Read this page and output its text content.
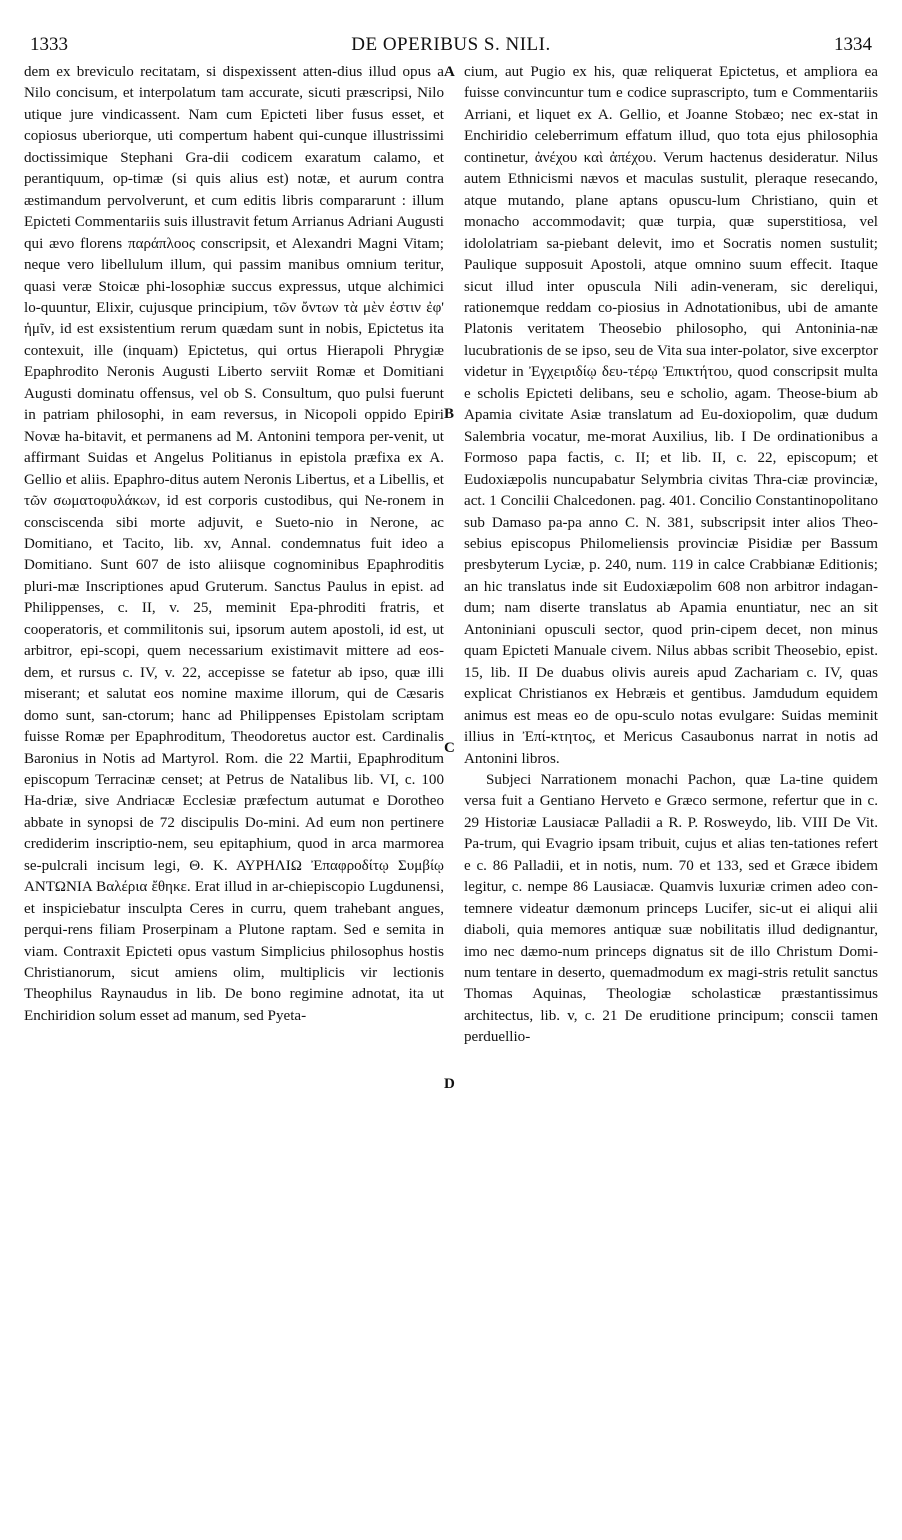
1333	DE OPERIBUS S. NILI.	1334
A
B
C
D

dem ex breviculo recitatam, si dispexissent atten-dius illud opus a Nilo concisum, et interpolatum tam accurate, sicuti præscripsi, Nilo utique jure vindicassent. Nam cum Epicteti liber fusus esset, et copiosus uberiorque, uti compertum habent qui-cunque illustrissimi doctissimique Stephani Gra-dii codicem exaratum calamo, et perantiquum, op-timæ (si quis alius est) notæ, et aurum contra æstimandum pervolverunt, et cum editis libris compararunt : illum Epicteti Commentariis suis illustravit fetum Arrianus Adriani Augusti qui ævo florens παράπλοος conscripsit, et Alexandri Magni Vitam; neque vero libellulum illum, qui passim manibus omnium teritur, quasi veræ Stoicæ phi-losophiæ succus expressus, utque alchimici lo-quuntur, Elixir, cujusque principium, τῶν ὄντων τὰ μὲν ἐστιν ἐφ' ἡμῖν, id est exsistentium rerum quædam sunt in nobis, Epictetus ita contexuit, ille (inquam) Epictetus, qui ortus Hierapoli Phrygiæ Epaphrodito Neronis Augusti Liberto serviit Romæ et Domitiani Augusti dominatu offensus, vel ob S. Consultum, quo pulsi fuerunt in patriam philosophi, in eam reversus, in Nicopoli oppido Epiri Novæ ha-bitavit, et permanens ad M. Antonini tempora per-venit, ut affirmant Suidas et Angelus Politianus in epistola præfixa ex A. Gellio et aliis. Epaphro-ditus autem Neronis Libertus, et a Libellis, et τῶν σωματοφυλάκων, id est corporis custodibus, qui Ne-ronem in consciscenda sibi morte adjuvit, e Sueto-nio in Nerone, ac Domitiano, et Tacito, lib. xv, Annal. condemnatus fuit ideo a Domitiano. Sunt 607 de isto aliisque cognominibus Epaphroditis pluri-mæ Inscriptiones apud Gruterum. Sanctus Paulus in epist. ad Philippenses, c. II, v. 25, meminit Epa-phroditi fratris, et cooperatoris, et commilitonis sui, ipsorum autem apostoli, id est, ut arbitror, epi-scopi, quem necessarium existimavit mittere ad eos-dem, et rursus c. IV, v. 22, accepisse se fatetur ab ipso, quæ illi miserant; et salutat eos nomine maxime illorum, qui de Cæsaris domo sunt, san-ctorum; hanc ad Philippenses Epistolam scriptam fuisse Romæ per Epaphroditum, Theodoretus auctor est. Cardinalis Baronius in Notis ad Martyrol. Rom. die 22 Martii, Epaphroditum episcopum Terracinæ censet; at Petrus de Natalibus lib. VI, c. 100 Ha-driæ, sive Andriacæ Ecclesiæ præfectum autumat e Dorotheo abbate in synopsi de 72 discipulis Do-mini. Ad eum non pertinere crediderim inscriptio-nem, seu epitaphium, quod in arca marmorea se-pulcrali incisum legi, Θ. Κ. ΑΥΡΗΛΙΩ Ἐπαφροδίτῳ Συμβίῳ ΑΝΤΩΝΙΑ Βαλέρια ἔθηκε. Erat illud in ar-chiepiscopio Lugdunensi, et inspiciebatur insculpta Ceres in curru, quem trahebant angues, perqui-rens filiam Proserpinam a Plutone raptam. Sed e semita in viam. Contraxit Epicteti opus vastum Simplicius philosophus hostis Christianorum, sicut amiens olim, multiplicis vir lectionis Theophilus Raynaudus in lib. De bono regimine adnotat, ita ut Enchiridion solum esset ad manum, sed Pyeta-

cium, aut Pugio ex his, quæ reliquerat Epictetus, et ampliora ea fuisse convincuntur tum e codice suprascripto, tum e Commentariis Arriani, et liquet ex A. Gellio, et Joanne Stobæo; nec ex-stat in Enchiridio celeberrimum effatum illud, quo tota ejus philosophia continetur, ἀνέχου καὶ ἀπέχου. Verum hactenus desideratur. Nilus autem Ethnicismi nævos et maculas sustulit, pleraque resecando, atque mutando, plane aptans opuscu-lum Christiano, quin et monacho accommodavit; quæ turpia, quæ superstitiosa, vel idololatriam sa-piebant delevit, imo et Socratis nomen sustulit; Paulique supposuit Apostoli, atque omnino suum effecit. Itaque sicut illud inter opuscula Nili adin-veneram, sic dereliqui, rationemque reddam co-piosius in Adnotationibus, ubi de amante Platonis veritatem Theosebio philosopho, qui Antoninia-næ lucubrationis de se ipso, seu de Vita sua inter-polator, sive excerptor videtur in Ἐγχειριδίῳ δευ-τέρῳ Ἐπικτήτου, quod conscripsit multa e scholis Epicteti delibans, seu e scholio, agam. Theose-bium ab Apamia civitate Asiæ translatum ad Eu-doxiopolim, quæ dudum Salembria vocatur, me-morat Auxilius, lib. I De ordinationibus a Formoso papa factis, c. II; et lib. II, c. 22, episcopum; et Eudoxiæpolis nuncupabatur Selymbria civitas Thra-ciæ provinciæ, act. 1 Concilii Chalcedonen. pag. 401. Concilio Constantinopolitano sub Damaso pa-pa anno C. N. 381, subscripsit inter alios Theo-sebius episcopus Philomeliensis provinciæ Pisidiæ per Bassum presbyterum Lyciæ, p. 240, num. 119 in calce Crabbianæ Editionis; an hic translatus inde sit Eudoxiæpolim 608 non arbitror indagan-dum; nam diserte translatus ab Apamia enuntiatur, nec an sit Antoniniani opusculi sector, quod prin-cipem decet, non minus quam Epicteti Manuale civem. Nilus abbas scribit Theosebio, epist. 15, lib. II De duabus olivis aureis apud Zachariam c. IV, quas explicat Christianos ex Hebræis et gentibus. Jamdudum equidem animus est meas eo de opu-sculo notas evulgare: Suidas meminit illius in Ἐπί-κτητος, et Mericus Casaubonus narrat in notis ad Antonini libros.

Subjeci Narrationem monachi Pachon, quæ La-tine quidem versa fuit a Gentiano Herveto e Græco sermone, refertur que in c. 29 Historiæ Lausiacæ Palladii a R. P. Rosweydo, lib. VIII De Vit. Pa-trum, qui Evagrio ipsam tribuit, cujus et alias ten-tationes refert e c. 86 Palladii, et in notis, num. 70 et 133, sed et Græce ibidem legitur, c. nempe 86 Lausiacæ. Quamvis luxuriæ crimen adeo con-temnere videatur dæmonum princeps Lucifer, sic-ut ei aliqui alii diaboli, quia memores antiquæ suæ nobilitatis illud dedignantur, imo nec dæmo-num princeps dignatus sit de illo Christum Domi-num tentare in deserto, quemadmodum ex magi-stris retulit sanctus Thomas Aquinas, Theologiæ scholasticæ præstantissimus architectus, lib. v, c. 21 De eruditione principum; conscii tamen perduellio-
